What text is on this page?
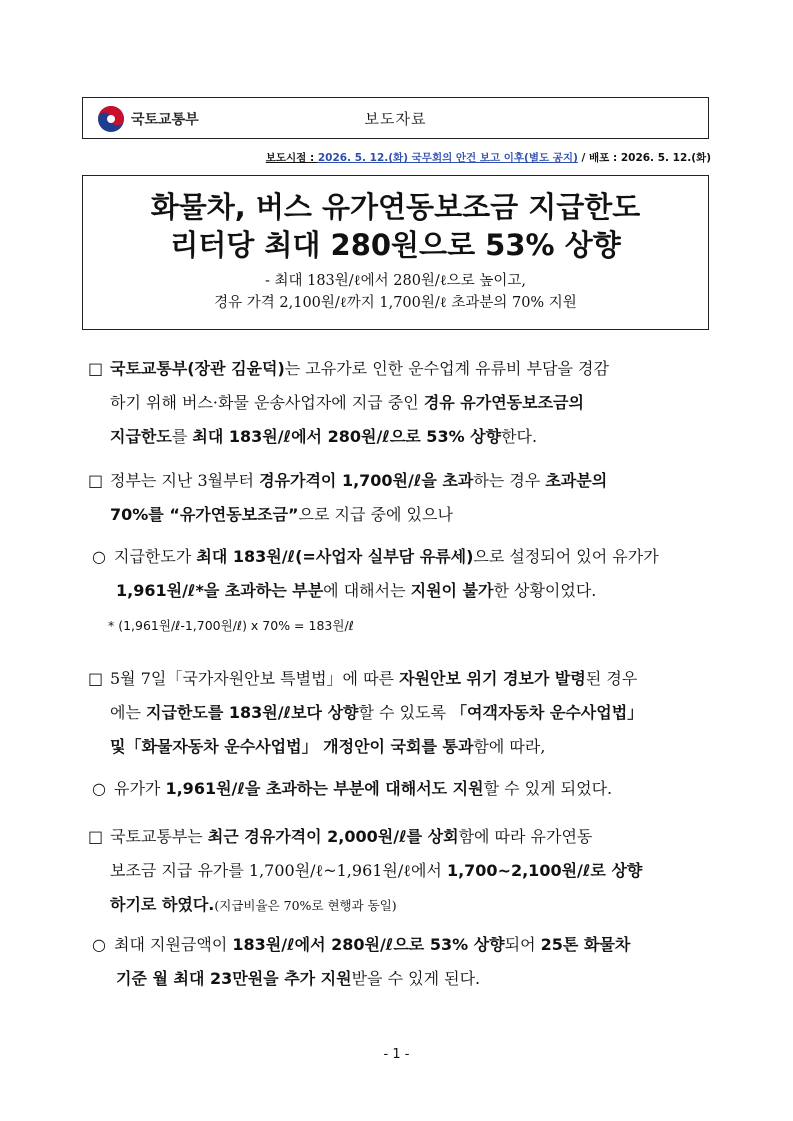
국토교통부	보도자료
보도시점 : 2026. 5. 12.(화) 국무회의 안건 보고 이후(별도 공지) / 배포 : 2026. 5. 12.(화)
화물차, 버스 유가연동보조금 지급한도
리터당 최대 280원으로 53% 상향
- 최대 183원/ℓ에서 280원/ℓ으로 높이고,
경유 가격 2,100원/ℓ까지 1,700원/ℓ 초과분의 70% 지원
□ 국토교통부(장관 김윤덕)는 고유가로 인한 운수업계 유류비 부담을 경감
하기 위해 버스·화물 운송사업자에 지급 중인 경유 유가연동보조금의
지급한도를 최대 183원/ℓ에서 280원/ℓ으로 53% 상향한다.
□ 정부는 지난 3월부터 경유가격이 1,700원/ℓ을 초과하는 경우 초과분의
70%를 “유가연동보조금”으로 지급 중에 있으나
○ 지급한도가 최대 183원/ℓ(=사업자 실부담 유류세)으로 설정되어 있어 유가가
1,961원/ℓ*을 초과하는 부분에 대해서는 지원이 불가한 상황이었다.
* (1,961원/ℓ-1,700원/ℓ) x 70% = 183원/ℓ
□ 5월 7일「국가자원안보 특별법」에 따른 자원안보 위기 경보가 발령된 경우
에는 지급한도를 183원/ℓ보다 상향할 수 있도록 「여객자동차 운수사업법」
및「화물자동차 운수사업법」 개정안이 국회를 통과함에 따라,
○ 유가가 1,961원/ℓ을 초과하는 부분에 대해서도 지원할 수 있게 되었다.
□ 국토교통부는 최근 경유가격이 2,000원/ℓ를 상회함에 따라 유가연동
보조금 지급 유가를 1,700원/ℓ~1,961원/ℓ에서 1,700~2,100원/ℓ로 상향
하기로 하였다.(지급비율은 70%로 현행과 동일)
○ 최대 지원금액이 183원/ℓ에서 280원/ℓ으로 53% 상향되어 25톤 화물차
기준 월 최대 23만원을 추가 지원받을 수 있게 된다.
- 1 -
